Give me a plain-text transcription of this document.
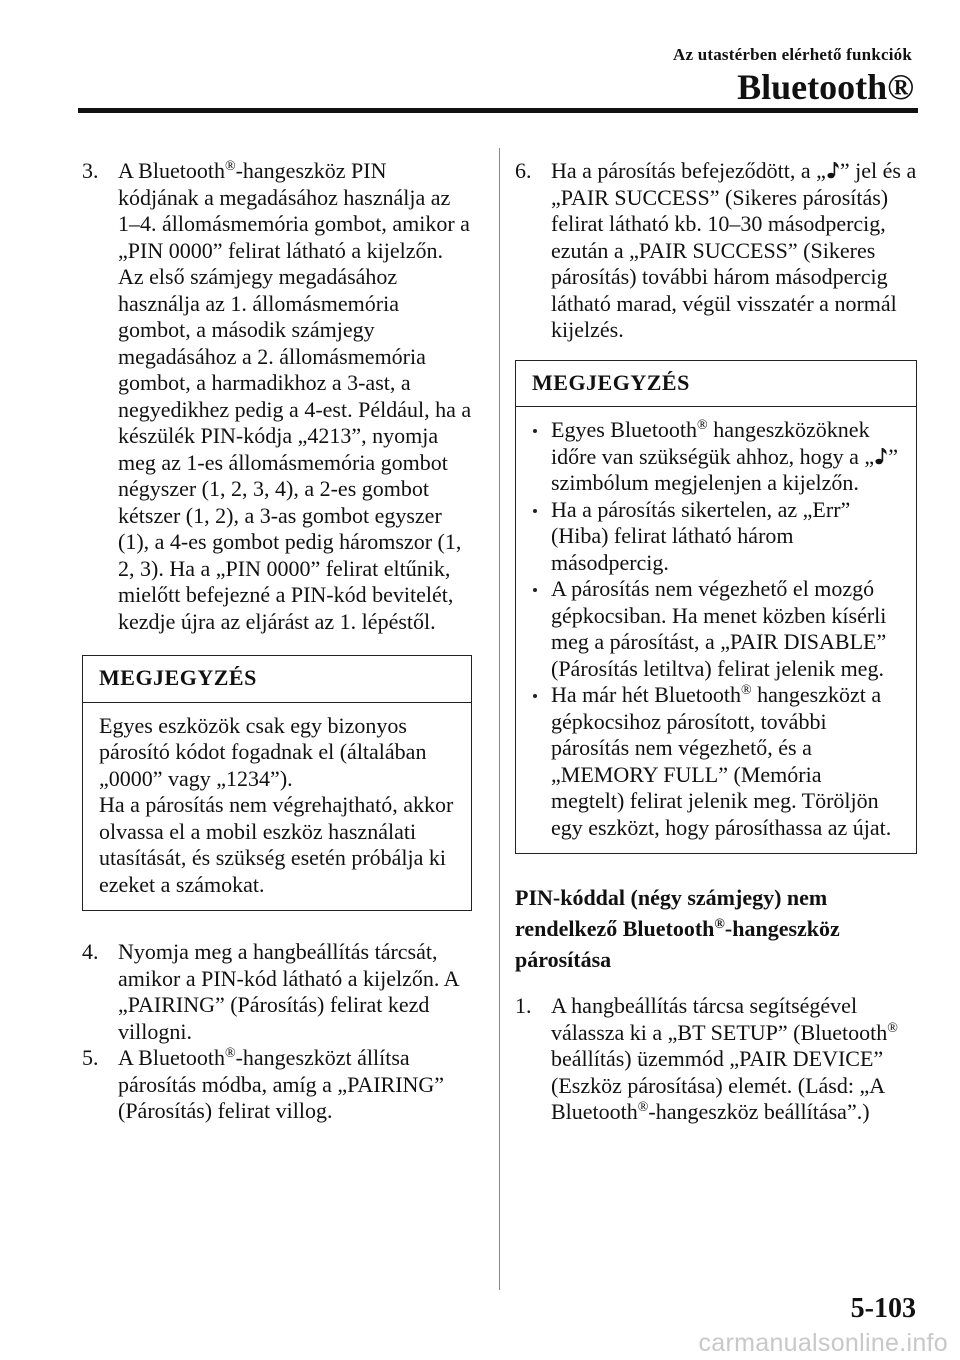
Az utastérben elérhető funkciók
Bluetooth®
3. A Bluetooth®-hangeszköz PIN kódjának a megadásához használja az 1–4. állomásmemória gombot, amikor a „PIN 0000” felirat látható a kijelzőn. Az első számjegy megadásához használja az 1. állomásmemória gombot, a második számjegy megadásához a 2. állomásmemória gombot, a harmadikhoz a 3-ast, a negyedikhez pedig a 4-est. Például, ha a készülék PIN-kódja „4213”, nyomja meg az 1-es állomásmemória gombot négyszer (1, 2, 3, 4), a 2-es gombot kétszer (1, 2), a 3-as gombot egyszer (1), a 4-es gombot pedig háromszor (1, 2, 3). Ha a „PIN 0000” felirat eltűnik, mielőtt befejezné a PIN-kód bevitelét, kezdje újra az eljárást az 1. lépéstől.
MEGJEGYZÉS

Egyes eszközök csak egy bizonyos párosító kódot fogadnak el (általában „0000” vagy „1234”).

Ha a párosítás nem végrehajtható, akkor olvassa el a mobil eszköz használati utasítását, és szükség esetén próbálja ki ezeket a számokat.

4. Nyomja meg a hangbeállítás tárcsát, amikor a PIN-kód látható a kijelzőn. A „PAIRING” (Párosítás) felirat kezd villogni.
5. A Bluetooth®-hangeszközt állítsa párosítás módba, amíg a „PAIRING” (Párosítás) felirat villog.
6. Ha a párosítás befejeződött, a „ ” jel és a „PAIR SUCCESS” (Sikeres párosítás) felirat látható kb. 10–30 másodpercig, ezután a „PAIR SUCCESS” (Sikeres párosítás) további három másodpercig látható marad, végül visszatér a normál kijelzés.
MEGJEGYZÉS
Egyes Bluetooth® hangeszközöknek időre van szükségük ahhoz, hogy a „ ” szimbólum megjelenjen a kijelzőn.
Ha a párosítás sikertelen, az „Err” (Hiba) felirat látható három másodpercig.
A párosítás nem végezhető el mozgó gépkocsiban. Ha menet közben kísérli meg a párosítást, a „PAIR DISABLE” (Párosítás letiltva) felirat jelenik meg.
Ha már hét Bluetooth® hangeszközt a gépkocsihoz párosított, további párosítás nem végezhető, és a „MEMORY FULL” (Memória megtelt) felirat jelenik meg. Töröljön egy eszközt, hogy párosíthassa az újat.
PIN-kóddal (négy számjegy) nem rendelkező Bluetooth®-hangeszköz párosítása
1. A hangbeállítás tárcsa segítségével válassza ki a „BT SETUP” (Bluetooth® beállítás) üzemmód „PAIR DEVICE” (Eszköz párosítása) elemét. (Lásd: „A Bluetooth®-hangeszköz beállítása”.)
5-103
carmanualsonline.info
